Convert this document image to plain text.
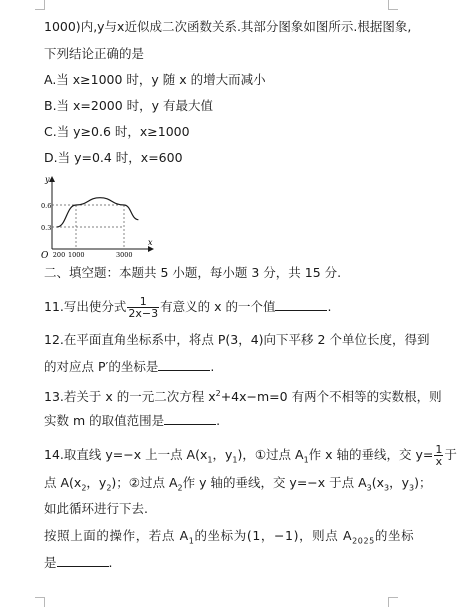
1000)内,y与x近似成二次函数关系.其部分图象如图所示.根据图象,
下列结论正确的是
A.当 x≥1000 时，y 随 x 的增大而减小
B.当 x=2000 时，y 有最大值
C.当 y≥0.6 时，x≥1000
D.当 y=0.4 时，x=600
y
x
O
0.6
0.3
200 1000	3000
二、填空题：本题共 5 小题，每小题 3 分，共 15 分.
11.写出使分式 $\frac{1}{2x-3}$ 有意义的 x 的一个值	.
12.在平面直角坐标系中，将点 P(3，4)向下平移 2 个单位长度，得到
的对应点 P′的坐标是	.
13.若关于 x 的一元二次方程 $x^2+4x-m=0$ 有两个不相等的实数根，则
实数 m 的取值范围是	.
14.取直线 y=−x 上一点 $A(x_1$，$y_1$)，①过点 $A_1$作 x 轴的垂线，交 $y= \frac{1}{x}$ 于
点 $A(x_2$，$y_2$)；②过点 $A_2$作 y 轴的垂线，交 y=−x 于点 $A_3(x_3$，$y_3$)；
如此循环进行下去.
按照上面的操作，若点 $A_1$的坐标为(1，−1)，则点 $A_{2025}$的坐标
是	.
